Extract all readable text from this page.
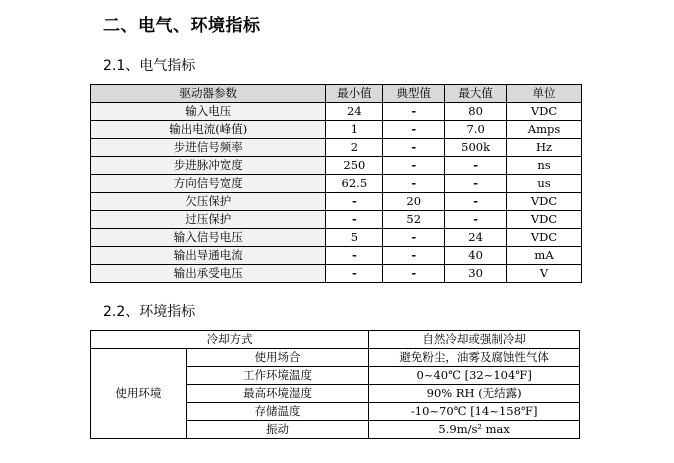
二、电气、环境指标
2.1、电气指标
驱动器参数	最小值	典型值	最大值	单位
输入电压	24	-	80	VDC
输出电流(峰值)	1	-	7.0	Amps
步进信号频率	2	-	500k	Hz
步进脉冲宽度	250	-	-	ns
方向信号宽度	62.5	-	-	us
欠压保护	-	20	-	VDC
过压保护	-	52	-	VDC
输入信号电压	5	-	24	VDC
输出导通电流	-	-	40	mA
输出承受电压	-	-	30	V
2.2、环境指标
冷却方式		自然冷却或强制冷却
使用环境	使用场合	避免粉尘，油雾及腐蚀性气体
	工作环境温度	0~40℃ [32~104℉]
	最高环境湿度	90% RH (无结露)
	存储温度	-10~70℃ [14~158℉]
	振动	5.9m/s² max
